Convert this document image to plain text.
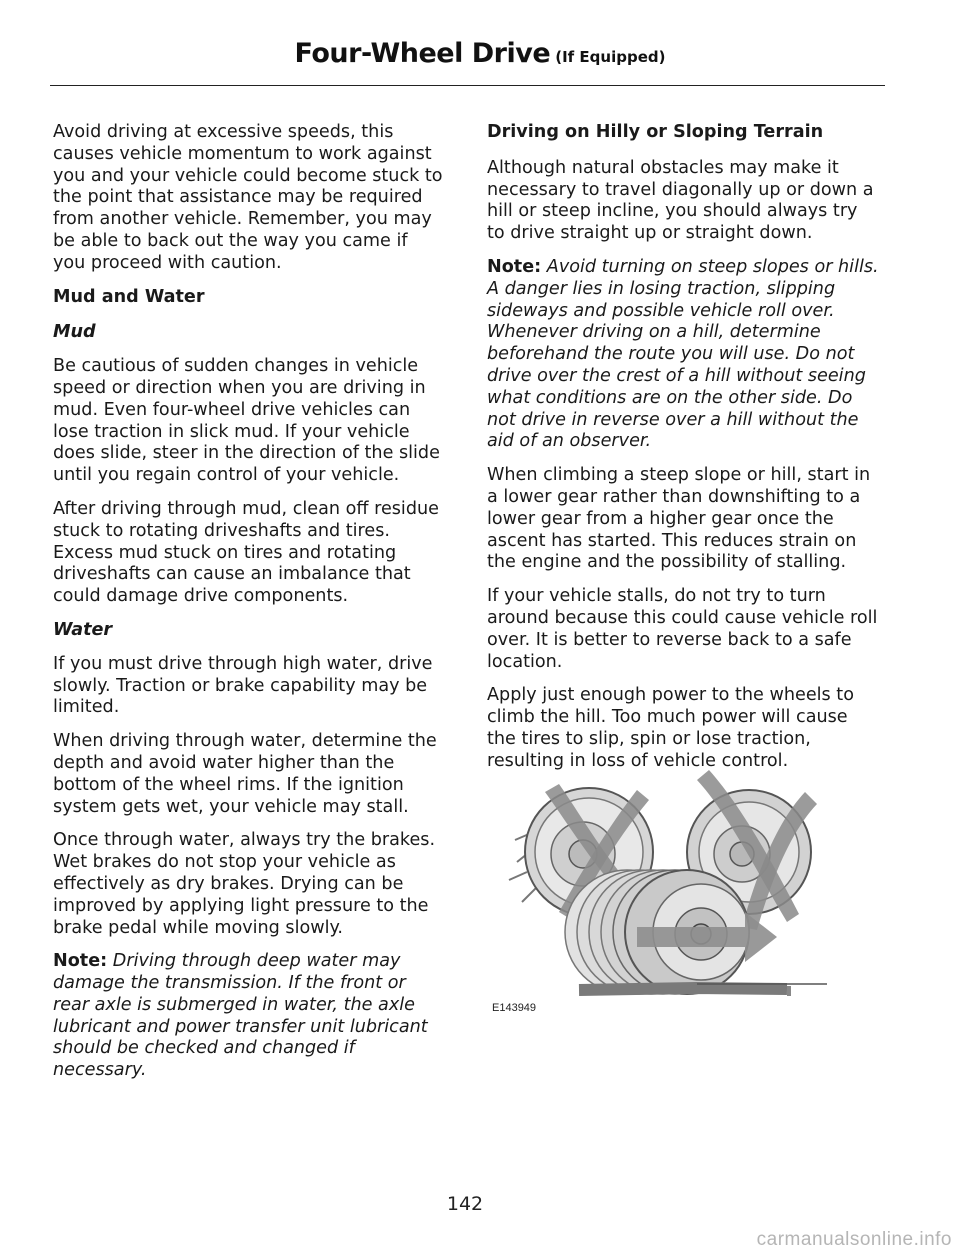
Four-Wheel Drive (If Equipped)

Avoid driving at excessive speeds, this causes vehicle momentum to work against you and your vehicle could become stuck to the point that assistance may be required from another vehicle. Remember, you may be able to back out the way you came if you proceed with caution.

Mud and Water
Mud

Be cautious of sudden changes in vehicle speed or direction when you are driving in mud. Even four-wheel drive vehicles can lose traction in slick mud. If your vehicle does slide, steer in the direction of the slide until you regain control of your vehicle.

After driving through mud, clean off residue stuck to rotating driveshafts and tires. Excess mud stuck on tires and rotating driveshafts can cause an imbalance that could damage drive components.

Water

If you must drive through high water, drive slowly. Traction or brake capability may be limited.

When driving through water, determine the depth and avoid water higher than the bottom of the wheel rims. If the ignition system gets wet, your vehicle may stall.

Once through water, always try the brakes. Wet brakes do not stop your vehicle as effectively as dry brakes. Drying can be improved by applying light pressure to the brake pedal while moving slowly.

Note: Driving through deep water may damage the transmission. If the front or rear axle is submerged in water, the axle lubricant and power transfer unit lubricant should be checked and changed if necessary.

Driving on Hilly or Sloping Terrain

Although natural obstacles may make it necessary to travel diagonally up or down a hill or steep incline, you should always try to drive straight up or straight down.

Note: Avoid turning on steep slopes or hills. A danger lies in losing traction, slipping sideways and possible vehicle roll over. Whenever driving on a hill, determine beforehand the route you will use. Do not drive over the crest of a hill without seeing what conditions are on the other side. Do not drive in reverse over a hill without the aid of an observer.

When climbing a steep slope or hill, start in a lower gear rather than downshifting to a lower gear from a higher gear once the ascent has started. This reduces strain on the engine and the possibility of stalling.

If your vehicle stalls, do not try to turn around because this could cause vehicle roll over. It is better to reverse back to a safe location.

Apply just enough power to the wheels to climb the hill. Too much power will cause the tires to slip, spin or lose traction, resulting in loss of vehicle control.

E143949
142
carmanualsonline.info
